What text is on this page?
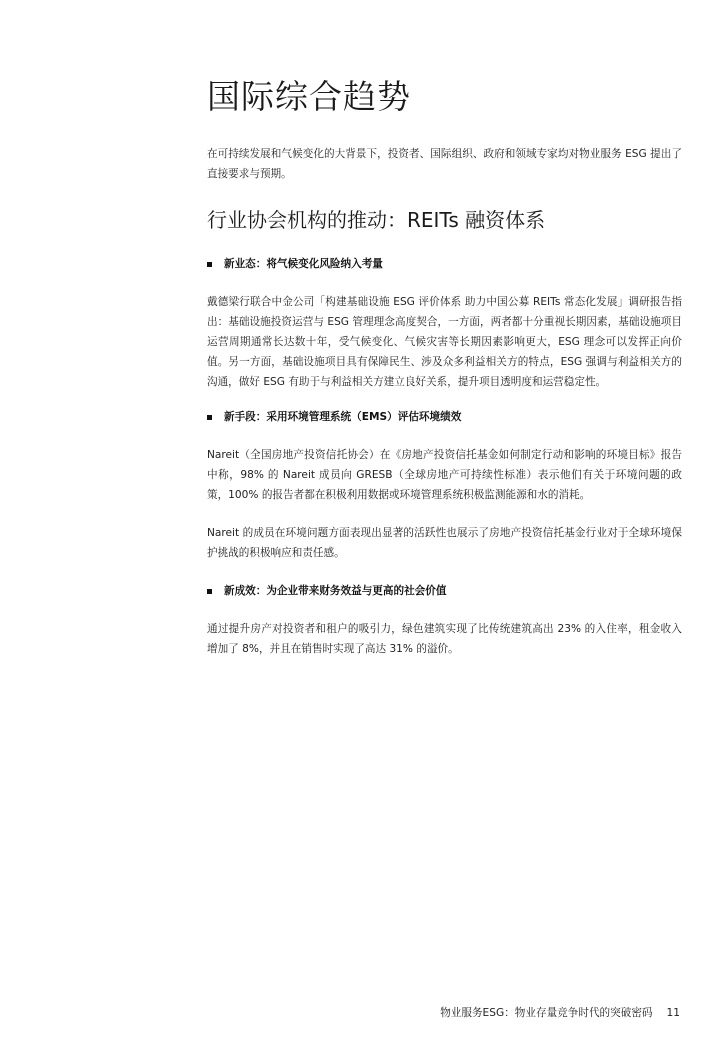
国际综合趋势

在可持续发展和气候变化的大背景下，投资者、国际组织、政府和领域专家均对物业服务 ESG 提出了直接要求与预期。

行业协会机构的推动：REITs 融资体系
新业态：将气候变化风险纳入考量

戴德梁行联合中金公司「构建基础设施 ESG 评价体系 助力中国公募 REITs 常态化发展」调研报告指出：基础设施投资运营与 ESG 管理理念高度契合，一方面，两者都十分重视长期因素，基础设施项目运营周期通常长达数十年，受气候变化、气候灾害等长期因素影响更大，ESG 理念可以发挥正向价值。另一方面，基础设施项目具有保障民生、涉及众多利益相关方的特点，ESG 强调与利益相关方的沟通，做好 ESG 有助于与利益相关方建立良好关系，提升项目透明度和运营稳定性。

新手段：采用环境管理系统（EMS）评估环境绩效

Nareit（全国房地产投资信托协会）在《房地产投资信托基金如何制定行动和影响的环境目标》报告中称，98% 的 Nareit 成员向 GRESB（全球房地产可持续性标准）表示他们有关于环境问题的政策，100% 的报告者都在积极利用数据或环境管理系统积极监测能源和水的消耗。

Nareit 的成员在环境问题方面表现出显著的活跃性也展示了房地产投资信托基金行业对于全球环境保护挑战的积极响应和责任感。

新成效：为企业带来财务效益与更高的社会价值

通过提升房产对投资者和租户的吸引力，绿色建筑实现了比传统建筑高出 23% 的入住率，租金收入增加了 8%，并且在销售时实现了高达 31% 的溢价。

物业服务ESG：物业存量竞争时代的突破密码 11
